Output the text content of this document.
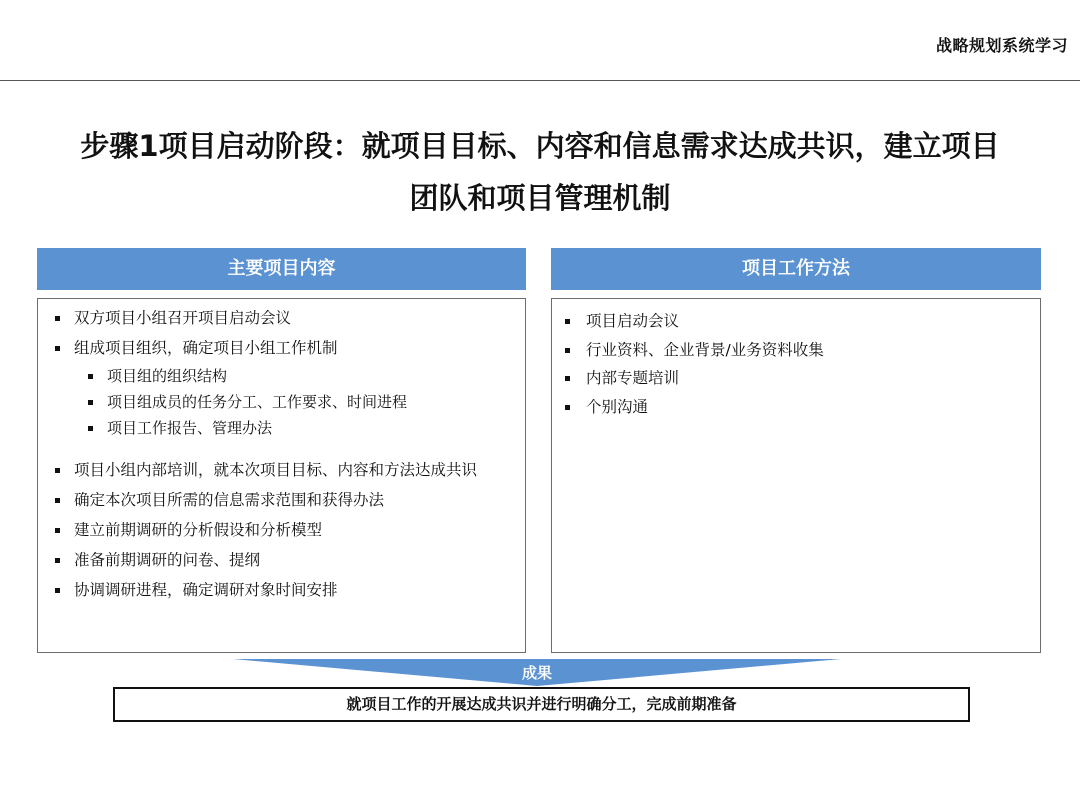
战略规划系统学习
步骤1项目启动阶段：就项目目标、内容和信息需求达成共识，建立项目
团队和项目管理机制
主要项目内容	项目工作方法
双方项目小组召开项目启动会议
组成项目组织，确定项目小组工作机制
项目组的组织结构
项目组成员的任务分工、工作要求、时间进程
项目工作报告、管理办法
项目小组内部培训，就本次项目目标、内容和方法达成共识
确定本次项目所需的信息需求范围和获得办法
建立前期调研的分析假设和分析模型
准备前期调研的问卷、提纲
协调调研进程，确定调研对象时间安排
项目启动会议
行业资料、企业背景/业务资料收集
内部专题培训
个别沟通
成果
就项目工作的开展达成共识并进行明确分工，完成前期准备
